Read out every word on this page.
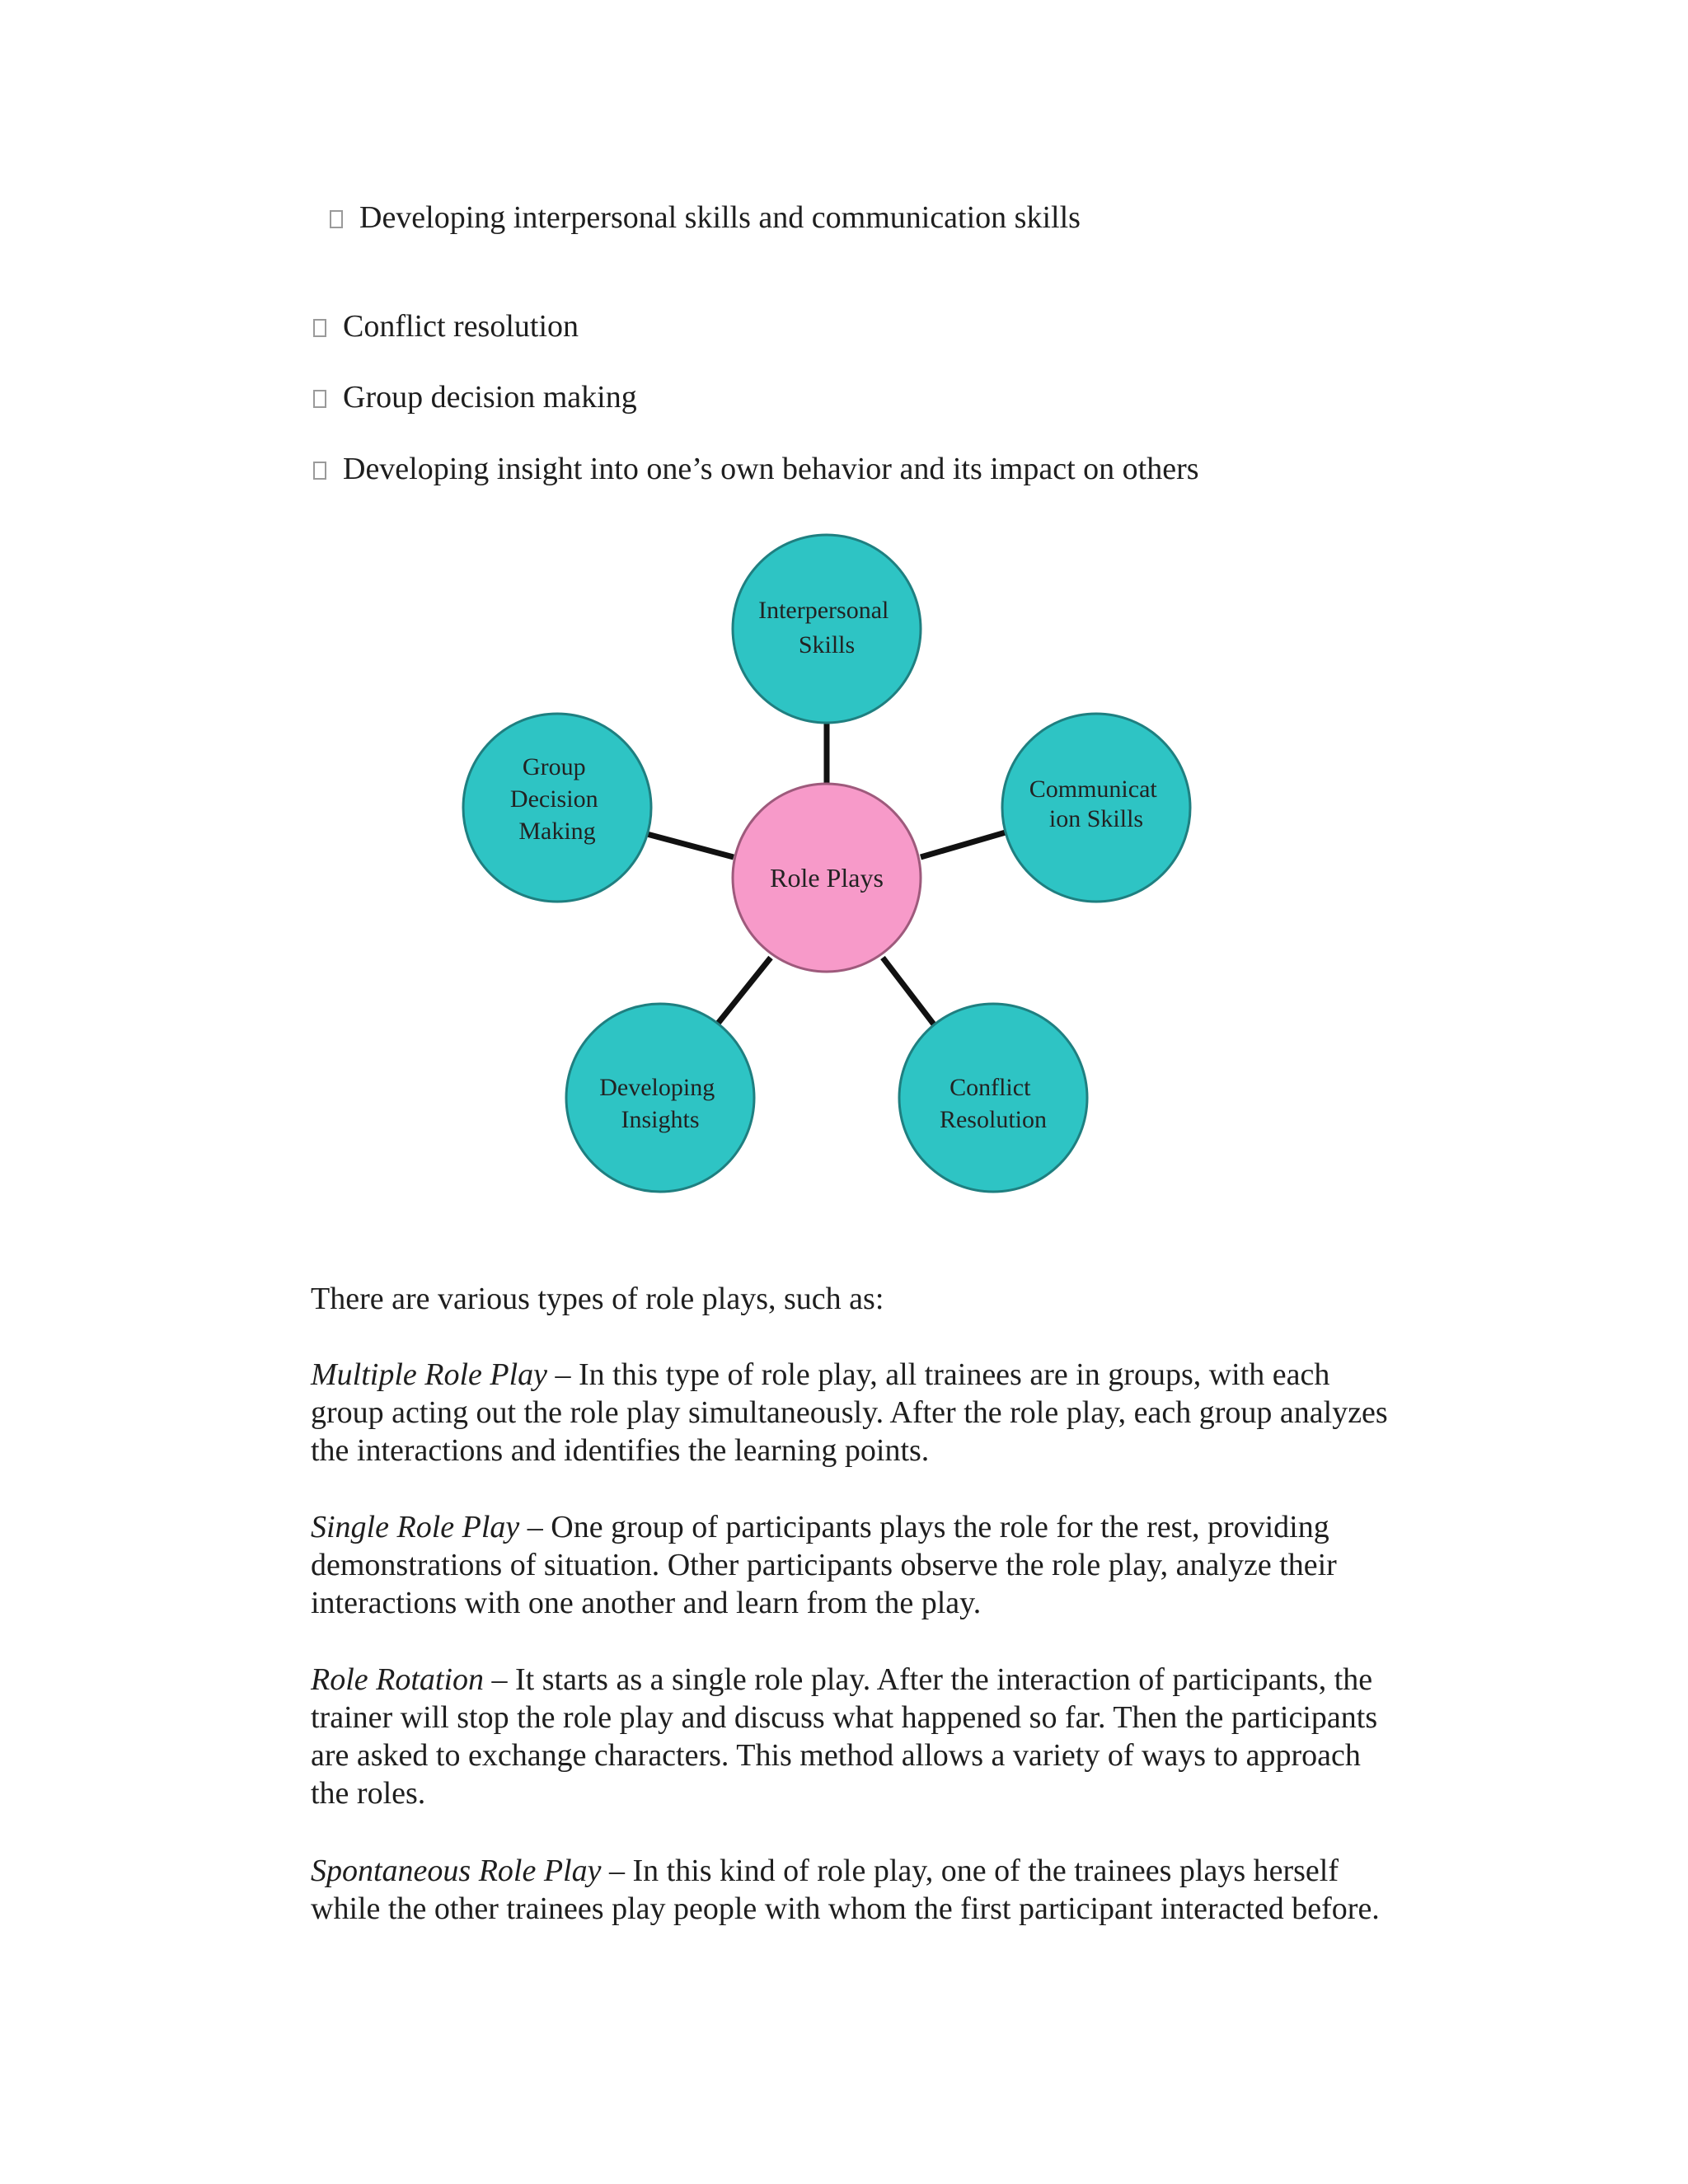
Developing interpersonal skills and communication skills
Conflict resolution
Group decision making
Developing insight into one’s own behavior and its impact on others
Interpersonal Skills
Group Decision Making
Communicat ion Skills
Developing Insights
Conflict Resolution
Role Plays
There are various types of role plays, such as:
Multiple Role Play – In this type of role play, all trainees are in groups, with each group acting out the role play simultaneously. After the role play, each group analyzes the interactions and identifies the learning points.
Single Role Play – One group of participants plays the role for the rest, providing demonstrations of situation. Other participants observe the role play, analyze their interactions with one another and learn from the play.
Role Rotation – It starts as a single role play. After the interaction of participants, the trainer will stop the role play and discuss what happened so far. Then the participants are asked to exchange characters. This method allows a variety of ways to approach the roles.
Spontaneous Role Play – In this kind of role play, one of the trainees plays herself while the other trainees play people with whom the first participant interacted before.
